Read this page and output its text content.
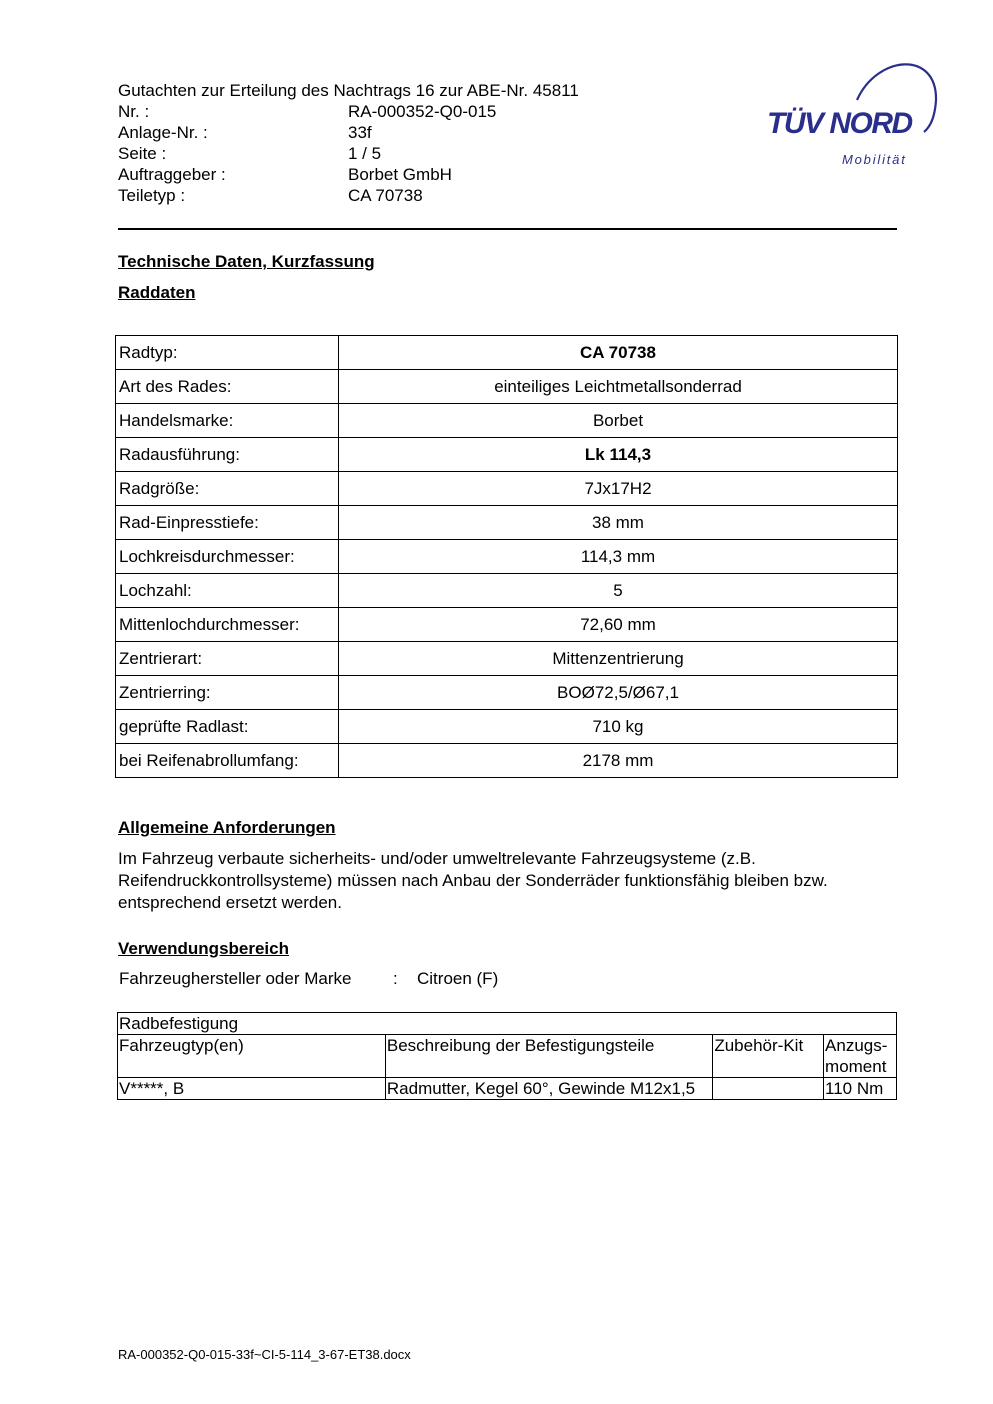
Gutachten zur Erteilung des Nachtrags 16 zur ABE-Nr. 45811
Nr. :	RA-000352-Q0-015
Anlage-Nr. :	33f
Seite :	1 / 5
Auftraggeber :	Borbet GmbH
Teiletyp :	CA 70738
TÜV NORD
Mobilität
Technische Daten, Kurzfassung
Raddaten
Radtyp:	CA 70738
Art des Rades:	einteiliges Leichtmetallsonderrad
Handelsmarke:	Borbet
Radausführung:	Lk 114,3
Radgröße:	7Jx17H2
Rad-Einpresstiefe:	38 mm
Lochkreisdurchmesser:	114,3 mm
Lochzahl:	5
Mittenlochdurchmesser:	72,60 mm
Zentrierart:	Mittenzentrierung
Zentrierring:	BOØ72,5/Ø67,1
geprüfte Radlast:	710 kg
bei Reifenabrollumfang:	2178 mm
Allgemeine Anforderungen
Im Fahrzeug verbaute sicherheits- und/oder umweltrelevante Fahrzeugsysteme (z.B. Reifendruckkontrollsysteme) müssen nach Anbau der Sonderräder funktionsfähig bleiben bzw. entsprechend ersetzt werden.
Verwendungsbereich
Fahrzeughersteller oder Marke	:	Citroen (F)
Radbefestigung			
Fahrzeugtyp(en)	Beschreibung der Befestigungsteile	Zubehör-Kit	Anzugs-moment
V*****, B	Radmutter, Kegel 60°, Gewinde M12x1,5		110 Nm
RA-000352-Q0-015-33f~CI-5-114_3-67-ET38.docx
